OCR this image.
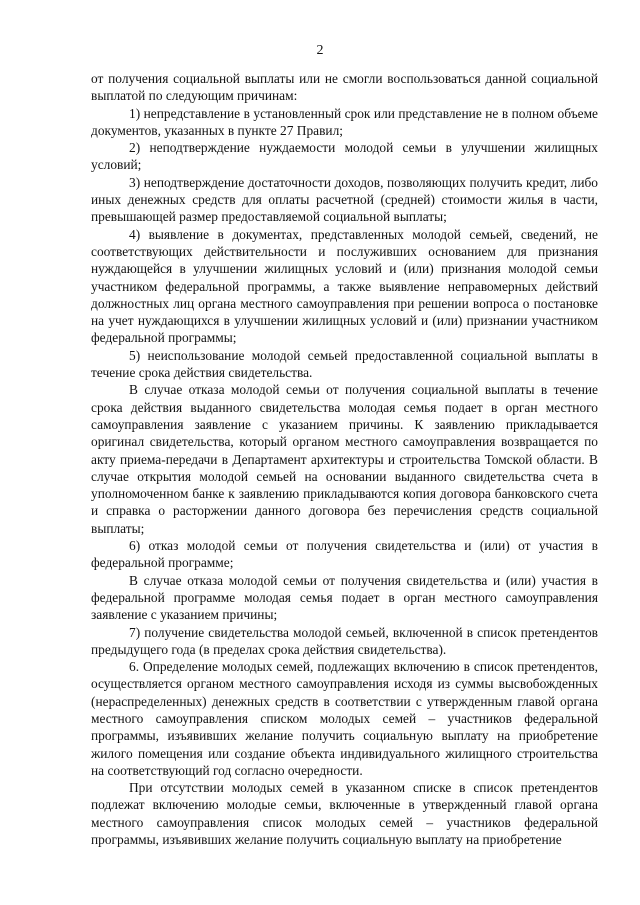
2

от получения социальной выплаты или не смогли воспользоваться данной социальной выплатой по следующим причинам:

1) непредставление в установленный срок или представление не в полном объеме документов, указанных в пункте 27 Правил;

2) неподтверждение нуждаемости молодой семьи в улучшении жилищных условий;

3) неподтверждение достаточности доходов, позволяющих получить кредит, либо иных денежных средств для оплаты расчетной (средней) стоимости жилья в части, превышающей размер предоставляемой социальной выплаты;

4) выявление в документах, представленных молодой семьей, сведений, не соответствующих действительности и послуживших основанием для признания нуждающейся в улучшении жилищных условий и (или) признания молодой семьи участником федеральной программы, а также выявление неправомерных действий должностных лиц органа местного самоуправления при решении вопроса о постановке на учет нуждающихся в улучшении жилищных условий и (или) признании участником федеральной программы;

5) неиспользование молодой семьей предоставленной социальной выплаты в течение срока действия свидетельства.

В случае отказа молодой семьи от получения социальной выплаты в течение срока действия выданного свидетельства молодая семья подает в орган местного самоуправления заявление с указанием причины. К заявлению прикладывается оригинал свидетельства, который органом местного самоуправления возвращается по акту приема-передачи в Департамент архитектуры и строительства Томской области. В случае открытия молодой семьей на основании выданного свидетельства счета в уполномоченном банке к заявлению прикладываются копия договора банковского счета и справка о расторжении данного договора без перечисления средств социальной выплаты;

6) отказ молодой семьи от получения свидетельства и (или) от участия в федеральной программе;

В случае отказа молодой семьи от получения свидетельства и (или) участия в федеральной программе молодая семья подает в орган местного самоуправления заявление с указанием причины;

7) получение свидетельства молодой семьей, включенной в список претендентов предыдущего года (в пределах срока действия свидетельства).

6. Определение молодых семей, подлежащих включению в список претендентов, осуществляется органом местного самоуправления исходя из суммы высвобожденных (нераспределенных) денежных средств в соответствии с утвержденным главой органа местного самоуправления списком молодых семей – участников федеральной программы, изъявивших желание получить социальную выплату на приобретение жилого помещения или создание объекта индивидуального жилищного строительства на соответствующий год согласно очередности.

При отсутствии молодых семей в указанном списке в список претендентов подлежат включению молодые семьи, включенные в утвержденный главой органа местного самоуправления список молодых семей – участников федеральной программы, изъявивших желание получить социальную выплату на приобретение
